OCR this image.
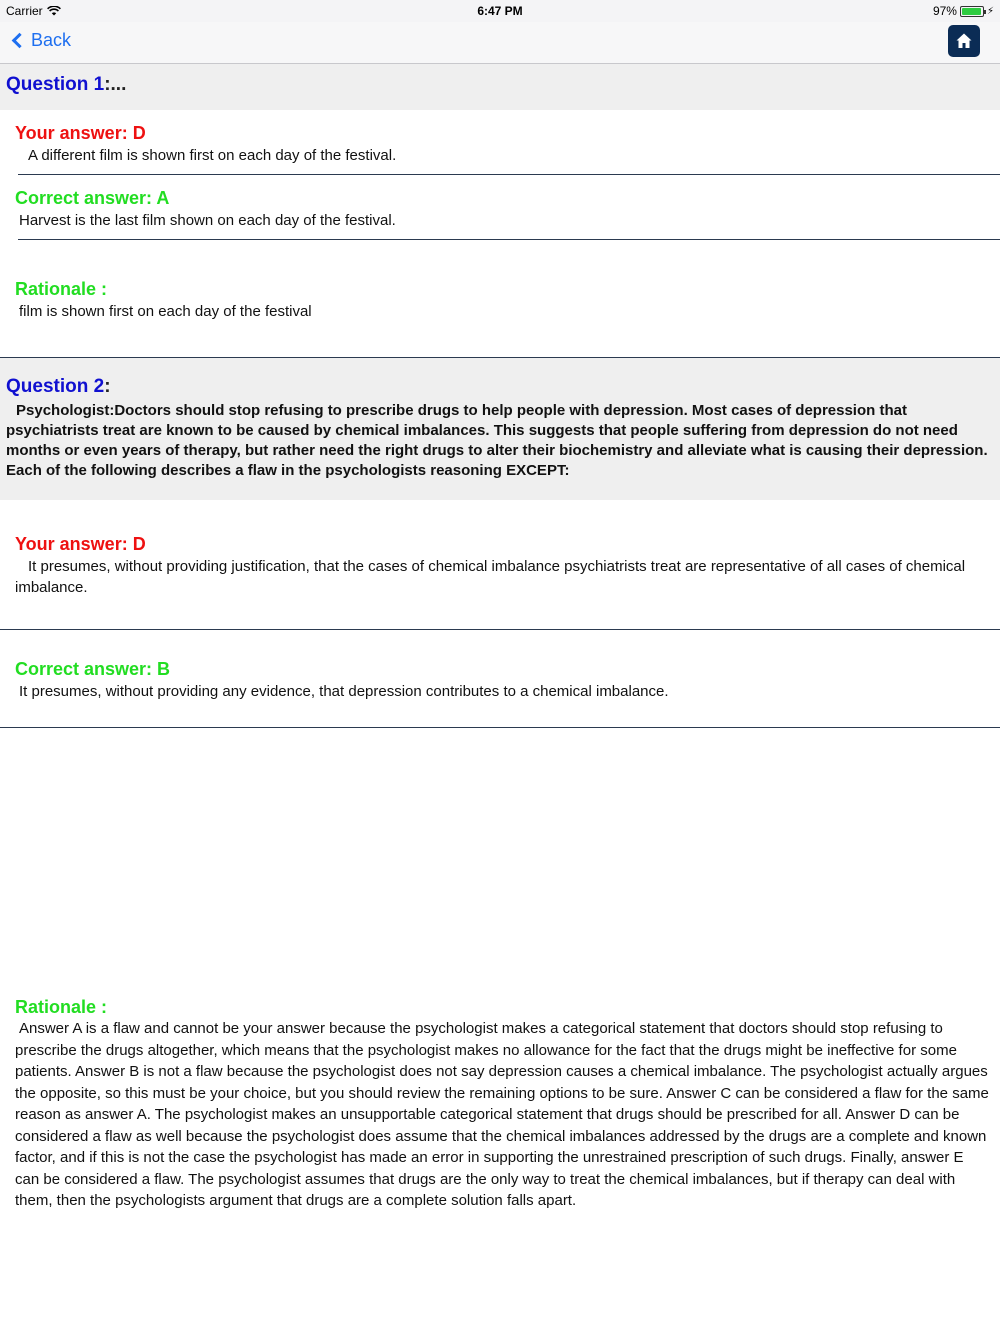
Carrier	6:47 PM	97%	⚡
Back
Question 1:...
Your answer: D
A different film is shown first on each day of the festival.
Correct answer: A
Harvest is the last film shown on each day of the festival.
Rationale :
film is shown first on each day of the festival
Question 2:
Psychologist:Doctors should stop refusing to prescribe drugs to help people with depression. Most cases of depression that psychiatrists treat are known to be caused by chemical imbalances. This suggests that people suffering from depression do not need months or even years of therapy, but rather need the right drugs to alter their biochemistry and alleviate what is causing their depression. Each of the following describes a flaw in the psychologists reasoning EXCEPT:
Your answer: D
It presumes, without providing justification, that the cases of chemical imbalance psychiatrists treat are representative of all cases of chemical imbalance.
Correct answer: B
It presumes, without providing any evidence, that depression contributes to a chemical imbalance.
Rationale :
Answer A is a flaw and cannot be your answer because the psychologist makes a categorical statement that doctors should stop refusing to prescribe the drugs altogether, which means that the psychologist makes no allowance for the fact that the drugs might be ineffective for some patients. Answer B is not a flaw because the psychologist does not say depression causes a chemical imbalance. The psychologist actually argues the opposite, so this must be your choice, but you should review the remaining options to be sure. Answer C can be considered a flaw for the same reason as answer A. The psychologist makes an unsupportable categorical statement that drugs should be prescribed for all. Answer D can be considered a flaw as well because the psychologist does assume that the chemical imbalances addressed by the drugs are a complete and known factor, and if this is not the case the psychologist has made an error in supporting the unrestrained prescription of such drugs. Finally, answer E can be considered a flaw. The psychologist assumes that drugs are the only way to treat the chemical imbalances, but if therapy can deal with them, then the psychologists argument that drugs are a complete solution falls apart.
